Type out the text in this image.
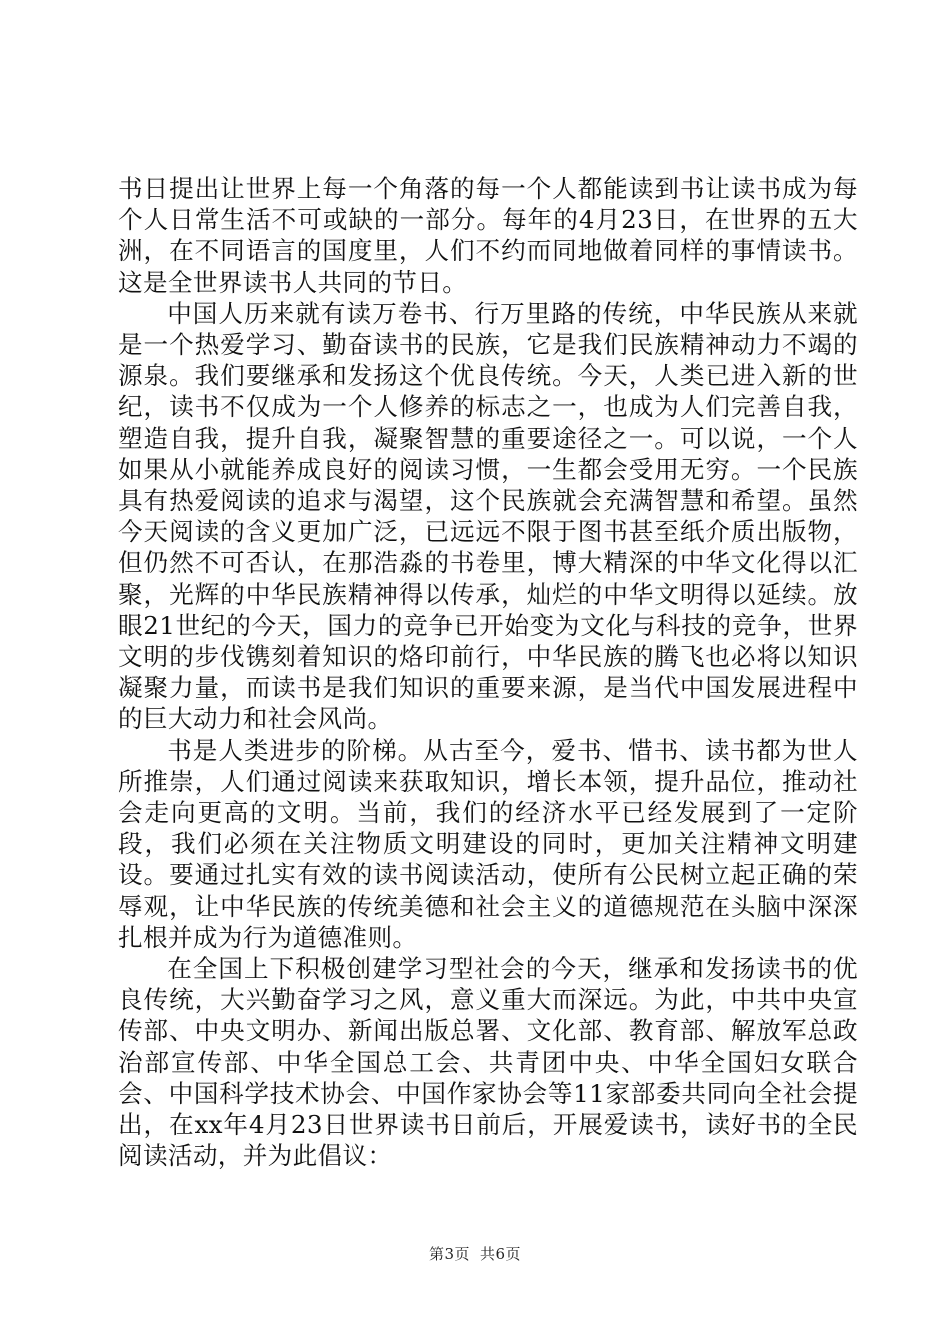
书日提出让世界上每一个角落的每一个人都能读到书让读书成为每个人日常生活不可或缺的一部分。每年的4月23日，在世界的五大洲，在不同语言的国度里，人们不约而同地做着同样的事情读书。这是全世界读书人共同的节日。

中国人历来就有读万卷书、行万里路的传统，中华民族从来就是一个热爱学习、勤奋读书的民族，它是我们民族精神动力不竭的源泉。我们要继承和发扬这个优良传统。今天，人类已进入新的世纪，读书不仅成为一个人修养的标志之一，也成为人们完善自我，塑造自我，提升自我，凝聚智慧的重要途径之一。可以说，一个人如果从小就能养成良好的阅读习惯，一生都会受用无穷。一个民族具有热爱阅读的追求与渴望，这个民族就会充满智慧和希望。虽然今天阅读的含义更加广泛，已远远不限于图书甚至纸介质出版物，但仍然不可否认，在那浩淼的书卷里，博大精深的中华文化得以汇聚，光辉的中华民族精神得以传承，灿烂的中华文明得以延续。放眼21世纪的今天，国力的竞争已开始变为文化与科技的竞争，世界文明的步伐镌刻着知识的烙印前行，中华民族的腾飞也必将以知识凝聚力量，而读书是我们知识的重要来源，是当代中国发展进程中的巨大动力和社会风尚。

书是人类进步的阶梯。从古至今，爱书、惜书、读书都为世人所推崇，人们通过阅读来获取知识，增长本领，提升品位，推动社会走向更高的文明。当前，我们的经济水平已经发展到了一定阶段，我们必须在关注物质文明建设的同时，更加关注精神文明建设。要通过扎实有效的读书阅读活动，使所有公民树立起正确的荣辱观，让中华民族的传统美德和社会主义的道德规范在头脑中深深扎根并成为行为道德准则。

在全国上下积极创建学习型社会的今天，继承和发扬读书的优良传统，大兴勤奋学习之风，意义重大而深远。为此，中共中央宣传部、中央文明办、新闻出版总署、文化部、教育部、解放军总政治部宣传部、中华全国总工会、共青团中央、中华全国妇女联合会、中国科学技术协会、中国作家协会等11家部委共同向全社会提出，在xx年4月23日世界读书日前后，开展爱读书，读好书的全民阅读活动，并为此倡议：

第3页 共6页
